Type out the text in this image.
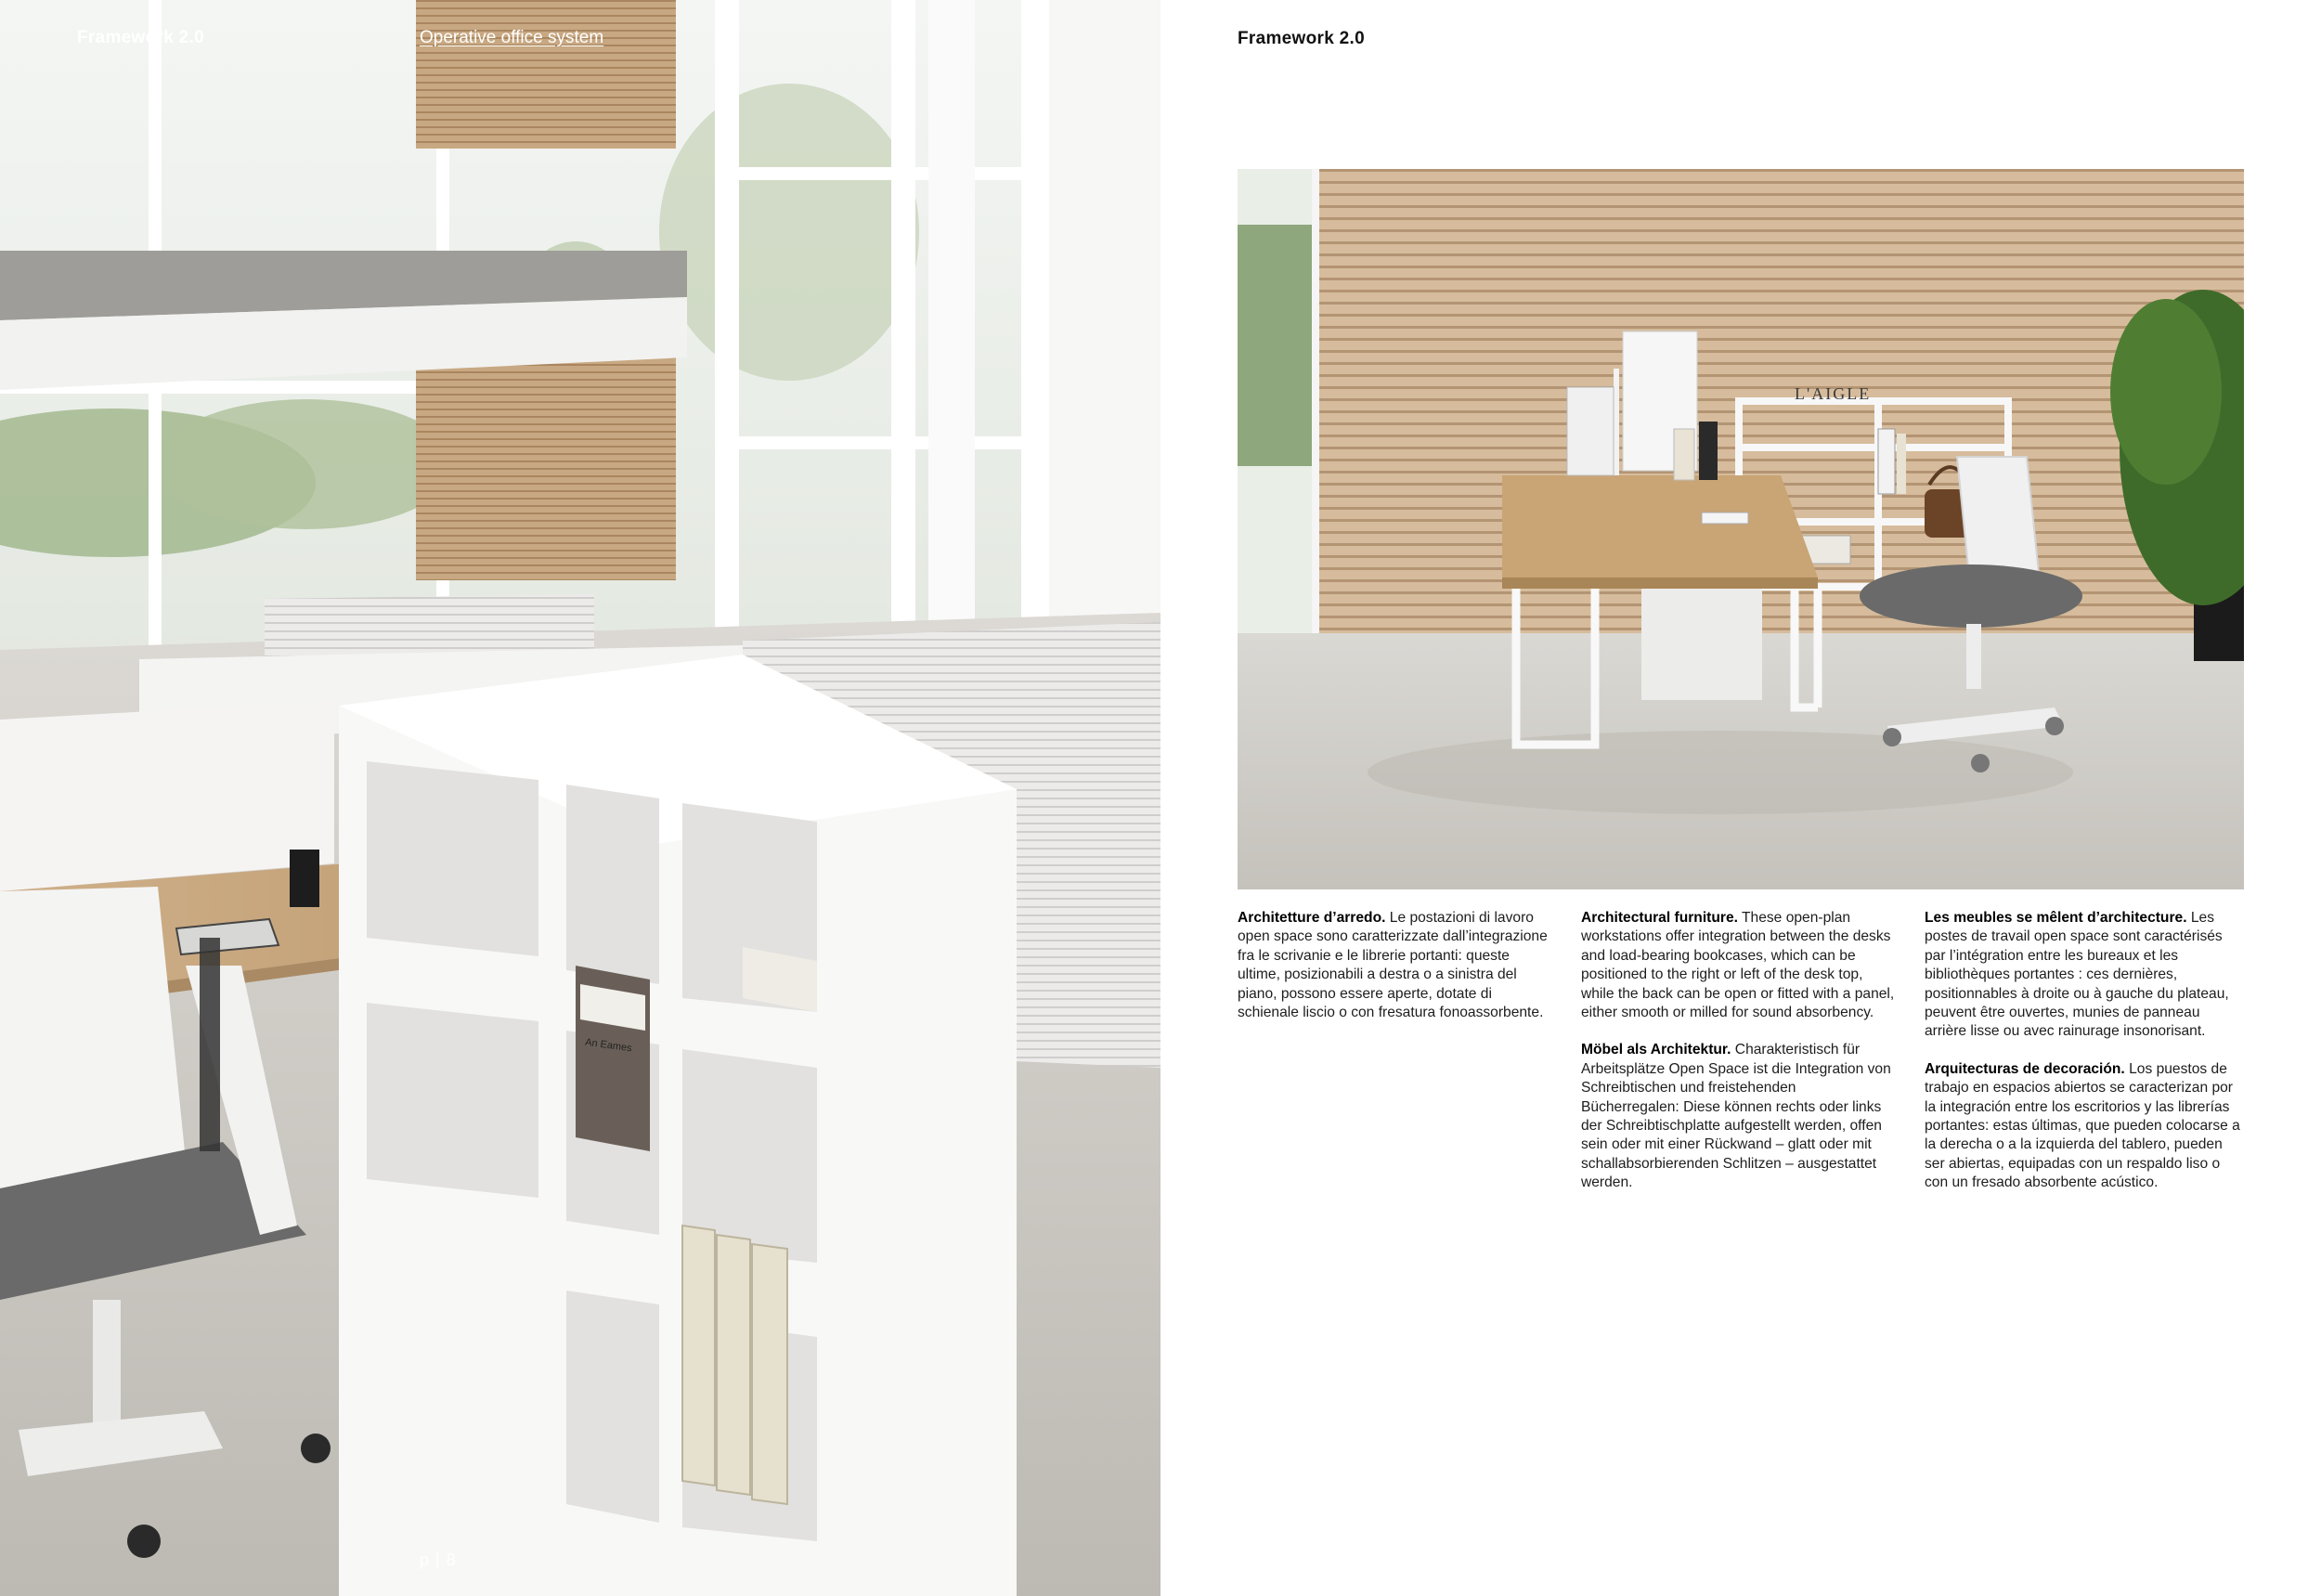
Framework 2.0	Operative office system
p | 8
Framework 2.0
L'AIGLE

Architetture d’arredo. Le postazioni di lavoro open space sono caratterizzate dall’integrazione fra le scrivanie e le librerie portanti: queste ultime, posizionabili a destra o a sinistra del piano, possono essere aperte, dotate di schienale liscio o con fresatura fonoassorbente.

Architectural furniture. These open-plan workstations offer integration between the desks and load-bearing bookcases, which can be positioned to the right or left of the desk top, while the back can be open or fitted with a panel, either smooth or milled for sound absorbency.

Möbel als Architektur. Charakteristisch für Arbeitsplätze Open Space ist die Integration von Schreibtischen und freistehenden Bücherregalen: Diese können rechts oder links der Schreibtischplatte aufgestellt werden, offen sein oder mit einer Rückwand – glatt oder mit schallabsorbierenden Schlitzen – ausgestattet werden.

Les meubles se mêlent d’architecture. Les postes de travail open space sont caractérisés par l’intégration entre les bureaux et les bibliothèques portantes : ces dernières, positionnables à droite ou à gauche du plateau, peuvent être ouvertes, munies de panneau arrière lisse ou avec rainurage insonorisant.

Arquitecturas de decoración. Los puestos de trabajo en espacios abiertos se caracterizan por la integración entre los escritorios y las librerías portantes: estas últimas, que pueden colocarse a la derecha o a la izquierda del tablero, pueden ser abiertas, equipadas con un respaldo liso o con un fresado absorbente acústico.

An Eames
